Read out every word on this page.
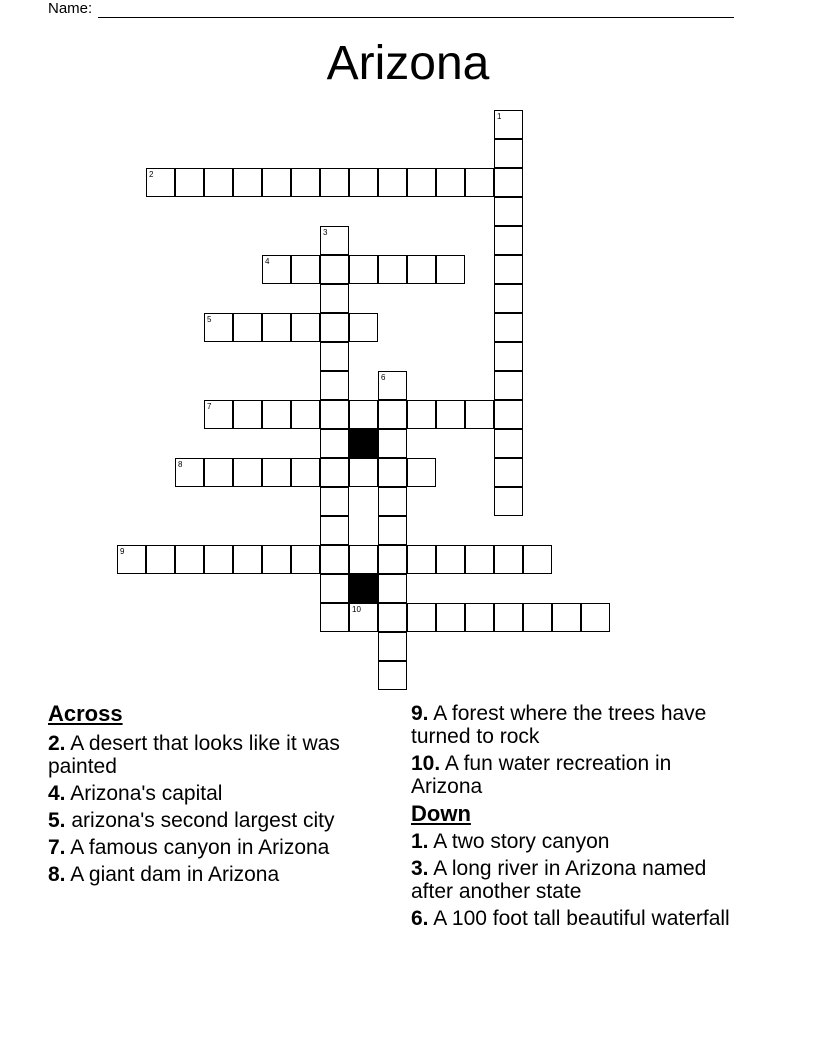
Name:
Arizona
2
4
5
7
8
9
10
1
3
6

Across

2. A desert that looks like it was painted

4. Arizona's capital

5. arizona's second largest city

7. A famous canyon in Arizona

8. A giant dam in Arizona

9. A forest where the trees have turned to rock

10. A fun water recreation in Arizona

Down

1. A two story canyon

3. A long river in Arizona named after another state

6. A 100 foot tall beautiful waterfall
